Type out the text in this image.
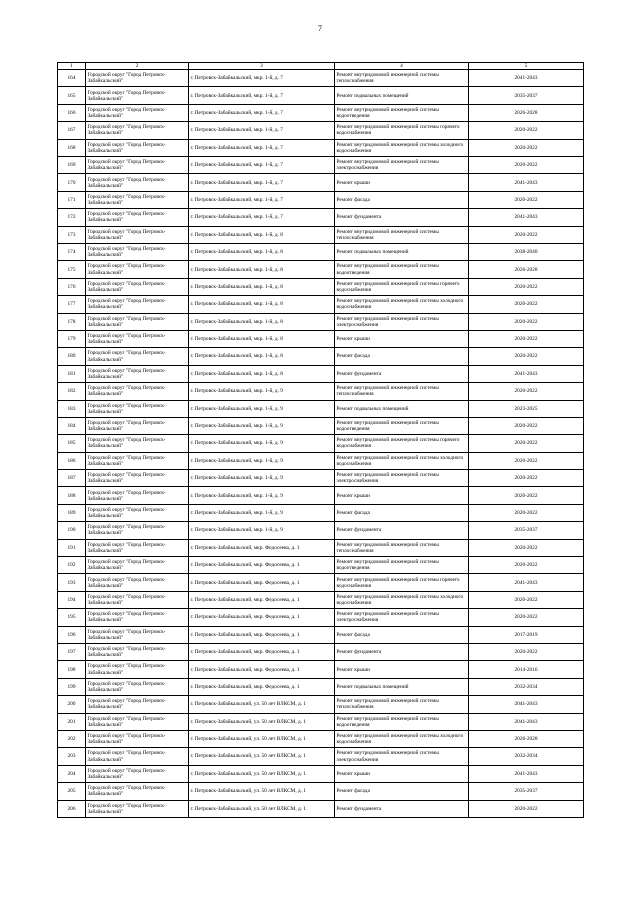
7
1	2	3	4	5
164	Городской округ "Город Петровск-Забайкальский"	г. Петровск-Забайкальский, мкр. 1-й, д. 7	Ремонт внутридомовой инженерной системы теплоснабжения	2041-2043
165	Городской округ "Город Петровск-Забайкальский"	г. Петровск-Забайкальский, мкр. 1-й, д. 7	Ремонт подвальных помещений	2035-2037
166	Городской округ "Город Петровск-Забайкальский"	г. Петровск-Забайкальский, мкр. 1-й, д. 7	Ремонт внутридомовой инженерной системы водоотведения	2026-2028
167	Городской округ "Город Петровск-Забайкальский"	г. Петровск-Забайкальский, мкр. 1-й, д. 7	Ремонт внутридомовой инженерной системы горячего водоснабжения	2020-2022
168	Городской округ "Город Петровск-Забайкальский"	г. Петровск-Забайкальский, мкр. 1-й, д. 7	Ремонт внутридомовой инженерной системы холодного водоснабжения	2020-2022
169	Городской округ "Город Петровск-Забайкальский"	г. Петровск-Забайкальский, мкр. 1-й, д. 7	Ремонт внутридомовой инженерной системы электроснабжения	2020-2022
170	Городской округ "Город Петровск-Забайкальский"	г. Петровск-Забайкальский, мкр. 1-й, д. 7	Ремонт крыши	2041-2043
171	Городской округ "Город Петровск-Забайкальский"	г. Петровск-Забайкальский, мкр. 1-й, д. 7	Ремонт фасада	2020-2022
172	Городской округ "Город Петровск-Забайкальский"	г. Петровск-Забайкальский, мкр. 1-й, д. 7	Ремонт фундамента	2041-2043
173	Городской округ "Город Петровск-Забайкальский"	г. Петровск-Забайкальский, мкр. 1-й, д. 8	Ремонт внутридомовой инженерной системы теплоснабжения	2020-2022
174	Городской округ "Город Петровск-Забайкальский"	г. Петровск-Забайкальский, мкр. 1-й, д. 8	Ремонт подвальных помещений	2038-2040
175	Городской округ "Город Петровск-Забайкальский"	г. Петровск-Забайкальский, мкр. 1-й, д. 8	Ремонт внутридомовой инженерной системы водоотведения	2026-2028
176	Городской округ "Город Петровск-Забайкальский"	г. Петровск-Забайкальский, мкр. 1-й, д. 8	Ремонт внутридомовой инженерной системы горячего водоснабжения	2020-2022
177	Городской округ "Город Петровск-Забайкальский"	г. Петровск-Забайкальский, мкр. 1-й, д. 8	Ремонт внутридомовой инженерной системы холодного водоснабжения	2020-2022
178	Городской округ "Город Петровск-Забайкальский"	г. Петровск-Забайкальский, мкр. 1-й, д. 8	Ремонт внутридомовой инженерной системы электроснабжения	2020-2022
179	Городской округ "Город Петровск-Забайкальский"	г. Петровск-Забайкальский, мкр. 1-й, д. 8	Ремонт крыши	2020-2022
180	Городской округ "Город Петровск-Забайкальский"	г. Петровск-Забайкальский, мкр. 1-й, д. 8	Ремонт фасада	2020-2022
181	Городской округ "Город Петровск-Забайкальский"	г. Петровск-Забайкальский, мкр. 1-й, д. 8	Ремонт фундамента	2041-2043
182	Городской округ "Город Петровск-Забайкальский"	г. Петровск-Забайкальский, мкр. 1-й, д. 9	Ремонт внутридомовой инженерной системы теплоснабжения	2020-2022
183	Городской округ "Город Петровск-Забайкальский"	г. Петровск-Забайкальский, мкр. 1-й, д. 9	Ремонт подвальных помещений	2023-2025
184	Городской округ "Город Петровск-Забайкальский"	г. Петровск-Забайкальский, мкр. 1-й, д. 9	Ремонт внутридомовой инженерной системы водоотведения	2020-2022
185	Городской округ "Город Петровск-Забайкальский"	г. Петровск-Забайкальский, мкр. 1-й, д. 9	Ремонт внутридомовой инженерной системы горячего водоснабжения	2020-2022
186	Городской округ "Город Петровск-Забайкальский"	г. Петровск-Забайкальский, мкр. 1-й, д. 9	Ремонт внутридомовой инженерной системы холодного водоснабжения	2020-2022
187	Городской округ "Город Петровск-Забайкальский"	г. Петровск-Забайкальский, мкр. 1-й, д. 9	Ремонт внутридомовой инженерной системы электроснабжения	2020-2022
188	Городской округ "Город Петровск-Забайкальский"	г. Петровск-Забайкальский, мкр. 1-й, д. 9	Ремонт крыши	2020-2022
189	Городской округ "Город Петровск-Забайкальский"	г. Петровск-Забайкальский, мкр. 1-й, д. 9	Ремонт фасада	2020-2022
190	Городской округ "Город Петровск-Забайкальский"	г. Петровск-Забайкальский, мкр. 1-й, д. 9	Ремонт фундамента	2035-2037
191	Городской округ "Город Петровск-Забайкальский"	г. Петровск-Забайкальский, мкр. Федосеева, д. 1	Ремонт внутридомовой инженерной системы теплоснабжения	2020-2022
192	Городской округ "Город Петровск-Забайкальский"	г. Петровск-Забайкальский, мкр. Федосеева, д. 1	Ремонт внутридомовой инженерной системы водоотведения	2020-2022
193	Городской округ "Город Петровск-Забайкальский"	г. Петровск-Забайкальский, мкр. Федосеева, д. 1	Ремонт внутридомовой инженерной системы горячего водоснабжения	2041-2043
194	Городской округ "Город Петровск-Забайкальский"	г. Петровск-Забайкальский, мкр. Федосеева, д. 1	Ремонт внутридомовой инженерной системы холодного водоснабжения	2020-2022
195	Городской округ "Город Петровск-Забайкальский"	г. Петровск-Забайкальский, мкр. Федосеева, д. 1	Ремонт внутридомовой инженерной системы электроснабжения	2020-2022
196	Городской округ "Город Петровск-Забайкальский"	г. Петровск-Забайкальский, мкр. Федосеева, д. 1	Ремонт фасада	2017-2019
197	Городской округ "Город Петровск-Забайкальский"	г. Петровск-Забайкальский, мкр. Федосеева, д. 1	Ремонт фундамента	2020-2022
198	Городской округ "Город Петровск-Забайкальский"	г. Петровск-Забайкальский, мкр. Федосеева, д. 1	Ремонт крыши	2014-2016
199	Городской округ "Город Петровск-Забайкальский"	г. Петровск-Забайкальский, мкр. Федосеева, д. 1	Ремонт подвальных помещений	2032-2034
200	Городской округ "Город Петровск-Забайкальский"	г. Петровск-Забайкальский, ул. 50 лет ВЛКСМ, д. 1	Ремонт внутридомовой инженерной системы теплоснабжения	2041-2043
201	Городской округ "Город Петровск-Забайкальский"	г. Петровск-Забайкальский, ул. 50 лет ВЛКСМ, д. 1	Ремонт внутридомовой инженерной системы водоотведения	2041-2043
202	Городской округ "Город Петровск-Забайкальский"	г. Петровск-Забайкальский, ул. 50 лет ВЛКСМ, д. 1	Ремонт внутридомовой инженерной системы холодного водоснабжения	2026-2028
203	Городской округ "Город Петровск-Забайкальский"	г. Петровск-Забайкальский, ул. 50 лет ВЛКСМ, д. 1	Ремонт внутридомовой инженерной системы электроснабжения	2032-2034
204	Городской округ "Город Петровск-Забайкальский"	г. Петровск-Забайкальский, ул. 50 лет ВЛКСМ, д. 1	Ремонт крыши	2041-2043
205	Городской округ "Город Петровск-Забайкальский"	г. Петровск-Забайкальский, ул. 50 лет ВЛКСМ, д. 1	Ремонт фасада	2035-2037
206	Городской округ "Город Петровск-Забайкальский"	г. Петровск-Забайкальский, ул. 50 лет ВЛКСМ, д. 1	Ремонт фундамента	2020-2022
